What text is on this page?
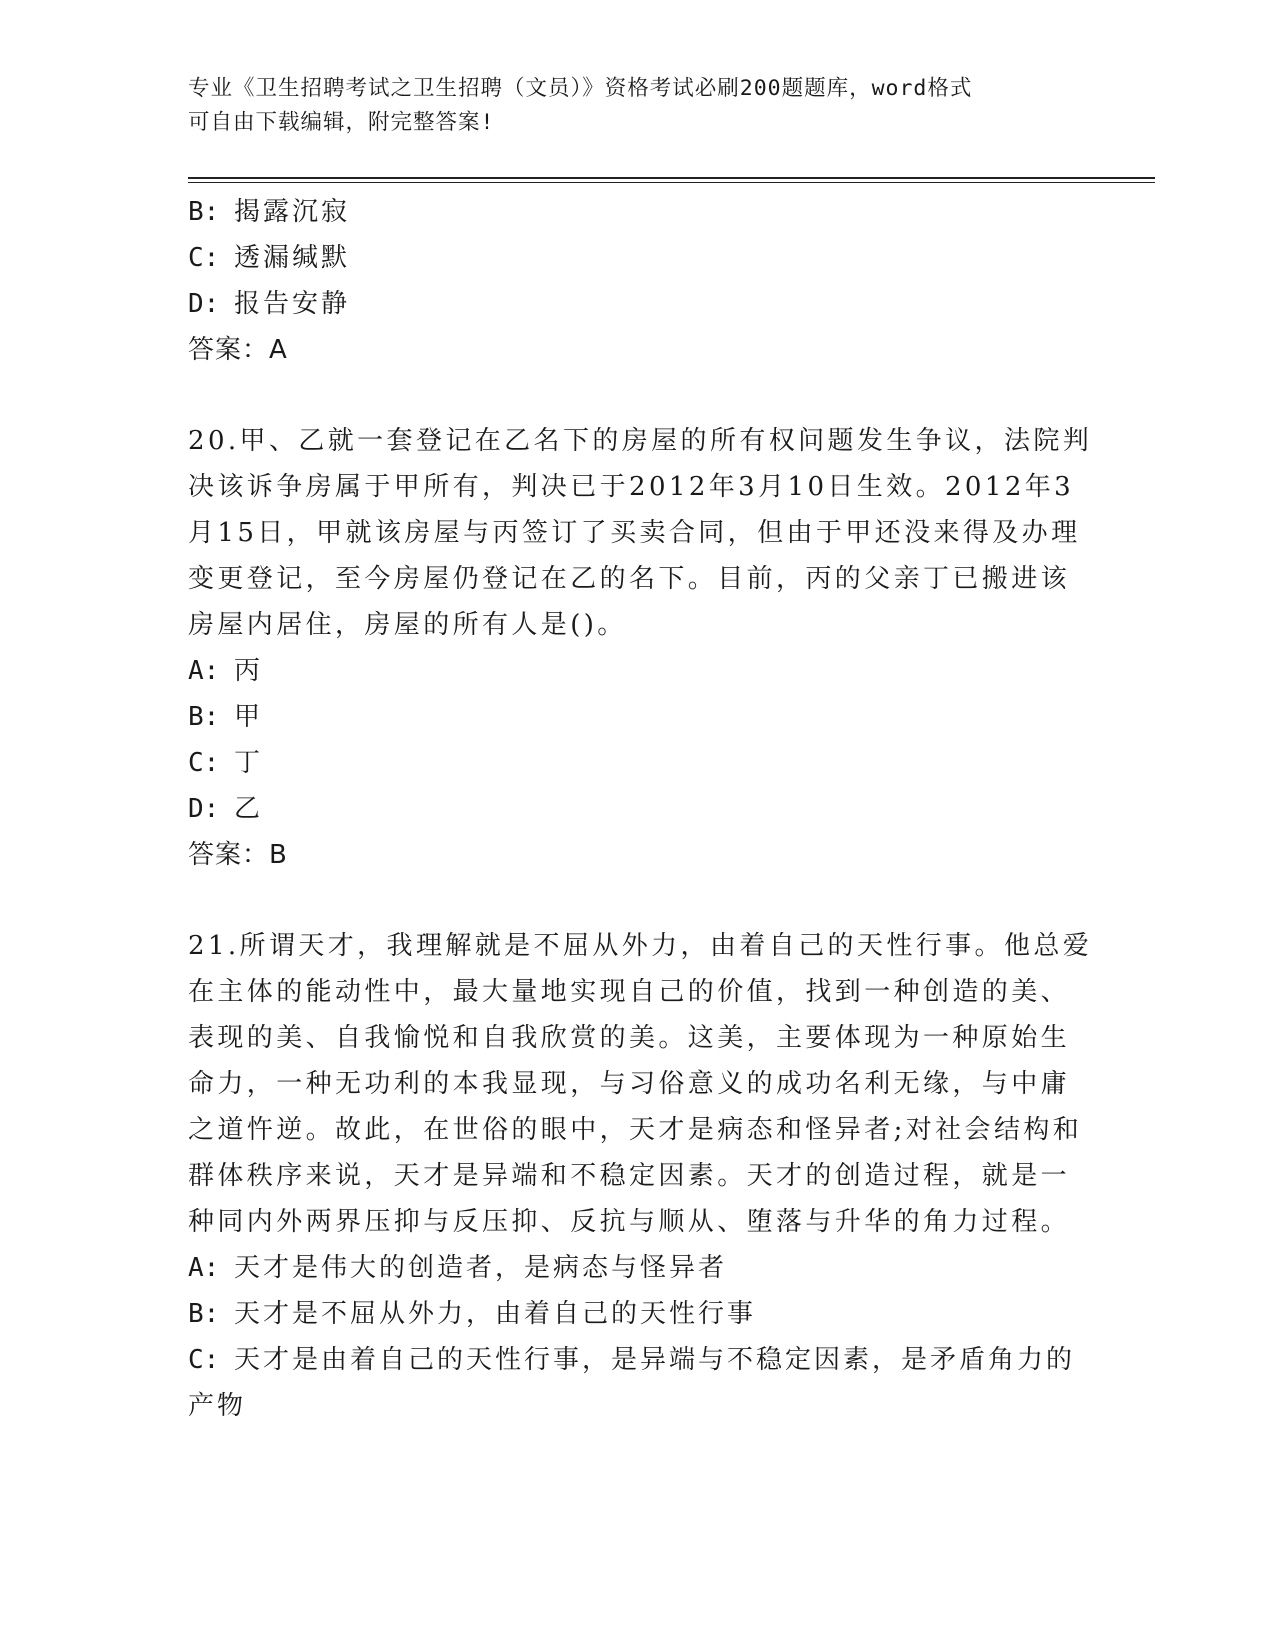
专业《卫生招聘考试之卫生招聘（文员）》资格考试必刷200题题库，word格式
可自由下载编辑，附完整答案!
B: 揭露沉寂
C: 透漏缄默
D: 报告安静
答案：A
20.甲、乙就一套登记在乙名下的房屋的所有权问题发生争议，法院判
决该诉争房属于甲所有，判决已于2012年3月10日生效。2012年3
月15日，甲就该房屋与丙签订了买卖合同，但由于甲还没来得及办理
变更登记，至今房屋仍登记在乙的名下。目前，丙的父亲丁已搬进该
房屋内居住，房屋的所有人是()。
A: 丙
B: 甲
C: 丁
D: 乙
答案：B
21.所谓天才，我理解就是不屈从外力，由着自己的天性行事。他总爱
在主体的能动性中，最大量地实现自己的价值，找到一种创造的美、
表现的美、自我愉悦和自我欣赏的美。这美，主要体现为一种原始生
命力，一种无功利的本我显现，与习俗意义的成功名利无缘，与中庸
之道忤逆。故此，在世俗的眼中，天才是病态和怪异者;对社会结构和
群体秩序来说，天才是异端和不稳定因素。天才的创造过程，就是一
种同内外两界压抑与反压抑、反抗与顺从、堕落与升华的角力过程。
A: 天才是伟大的创造者，是病态与怪异者
B: 天才是不屈从外力，由着自己的天性行事
C: 天才是由着自己的天性行事，是异端与不稳定因素，是矛盾角力的
产物
